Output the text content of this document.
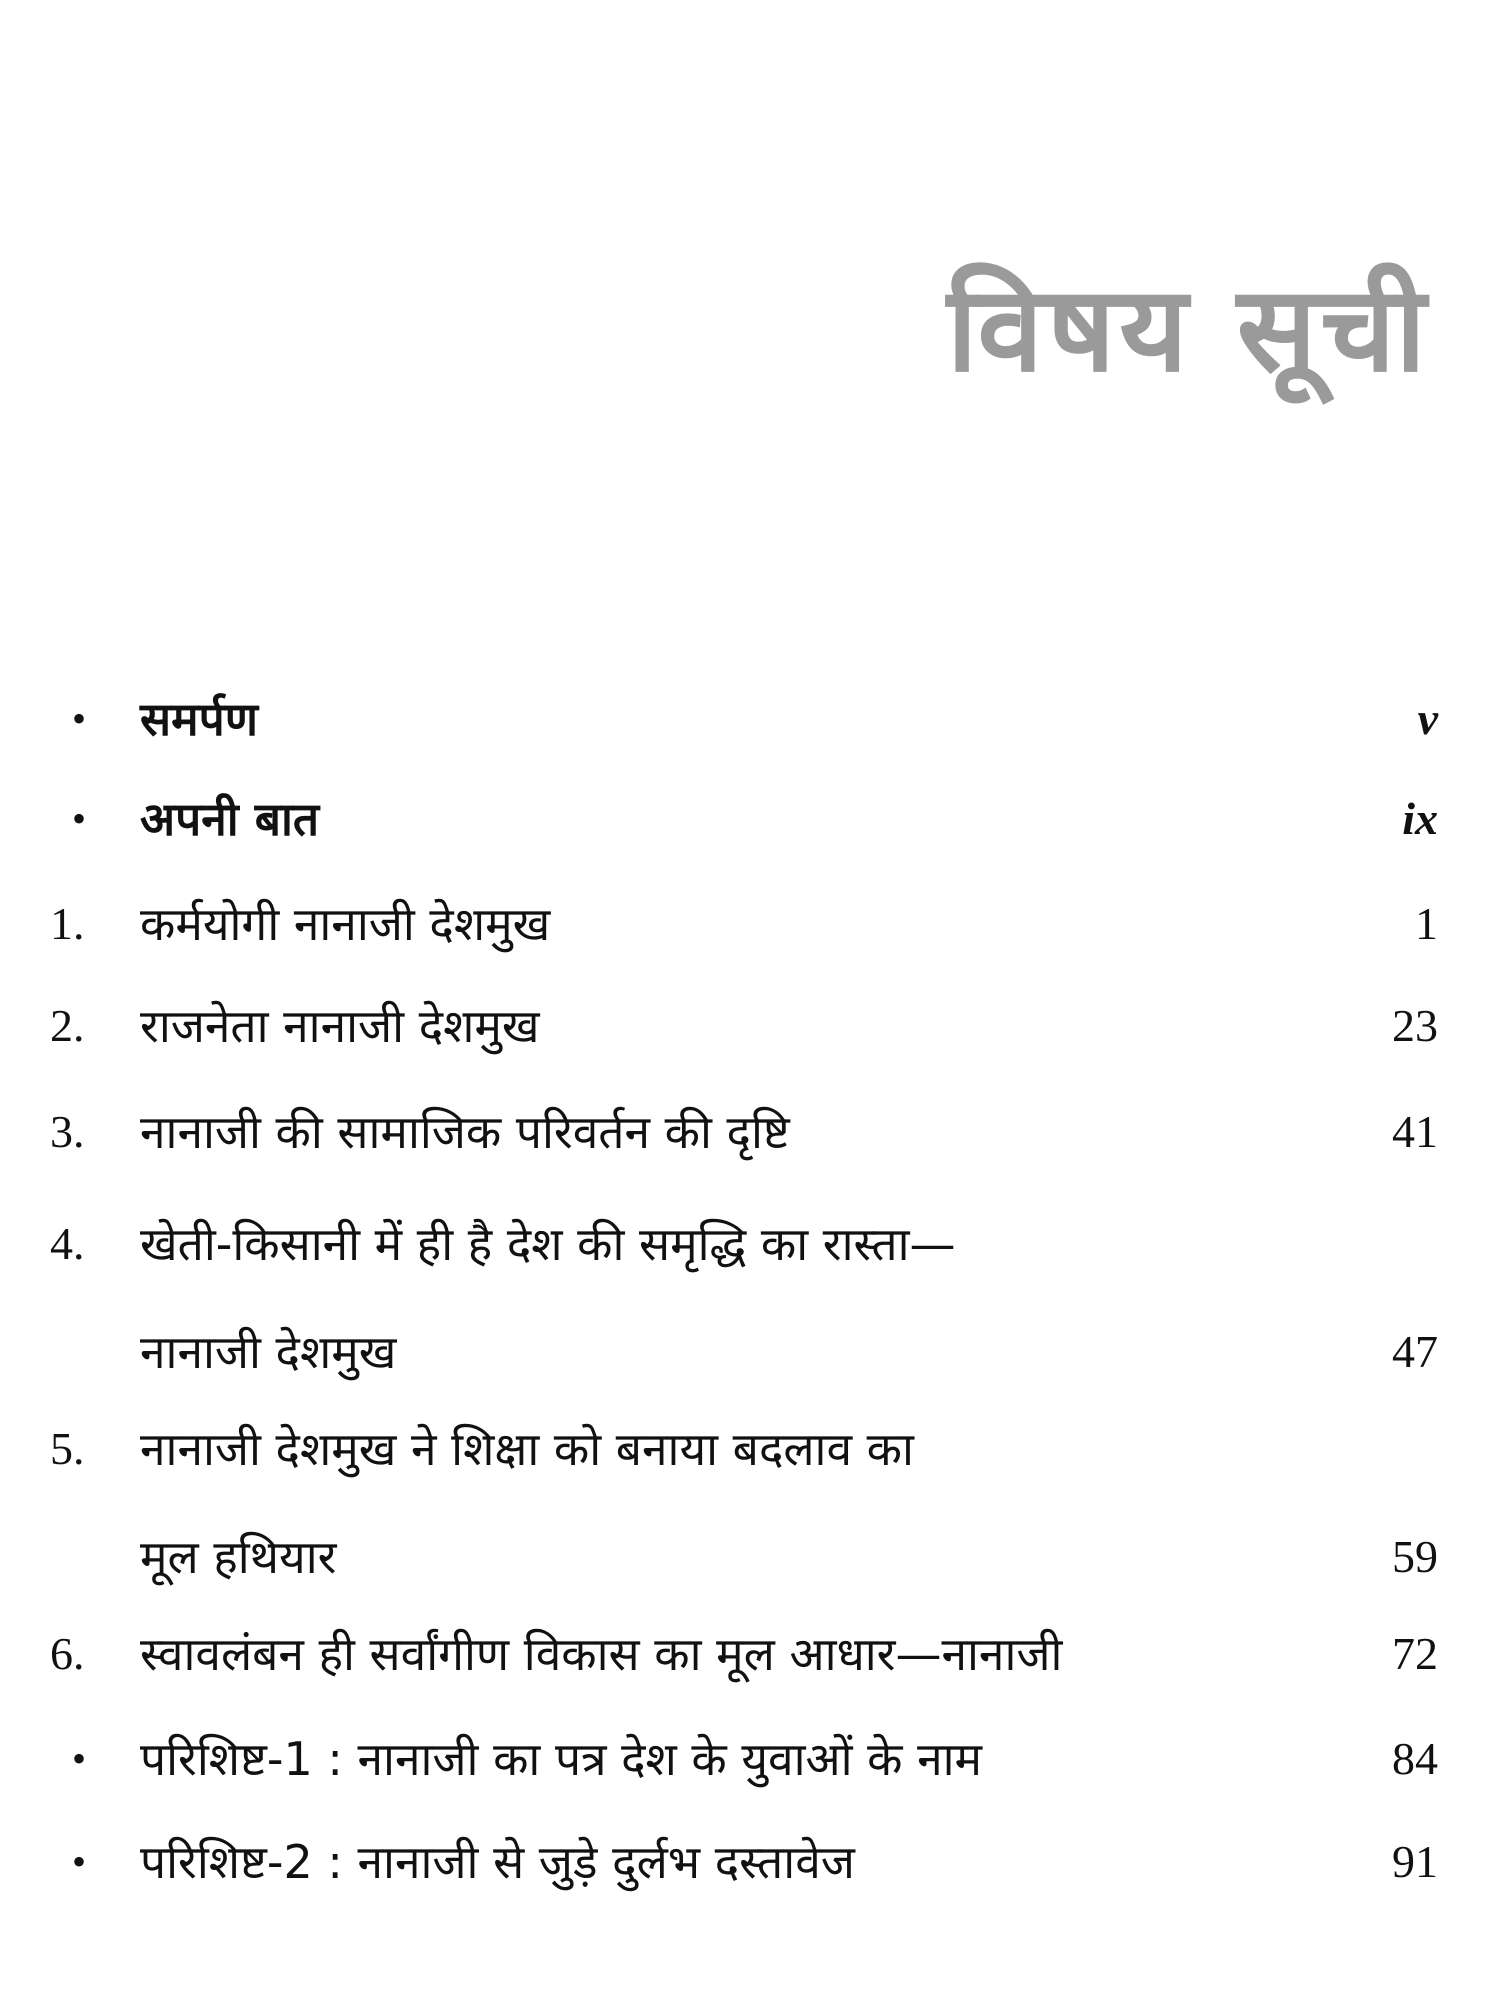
विषय सूची
•	समर्पण	v
•	अपनी बात	ix
1.	कर्मयोगी नानाजी देशमुख	1
2.	राजनेता नानाजी देशमुख	23
3.	नानाजी की सामाजिक परिवर्तन की दृष्टि	41
4.	खेती-किसानी में ही है देश की समृद्धि का रास्ता—
नानाजी देशमुख	47
5.	नानाजी देशमुख ने शिक्षा को बनाया बदलाव का
मूल हथियार	59
6.	स्वावलंबन ही सर्वांगीण विकास का मूल आधार—नानाजी	72
•	परिशिष्ट-1 : नानाजी का पत्र देश के युवाओं के नाम	84
•	परिशिष्ट-2 : नानाजी से जुड़े दुर्लभ दस्तावेज	91
